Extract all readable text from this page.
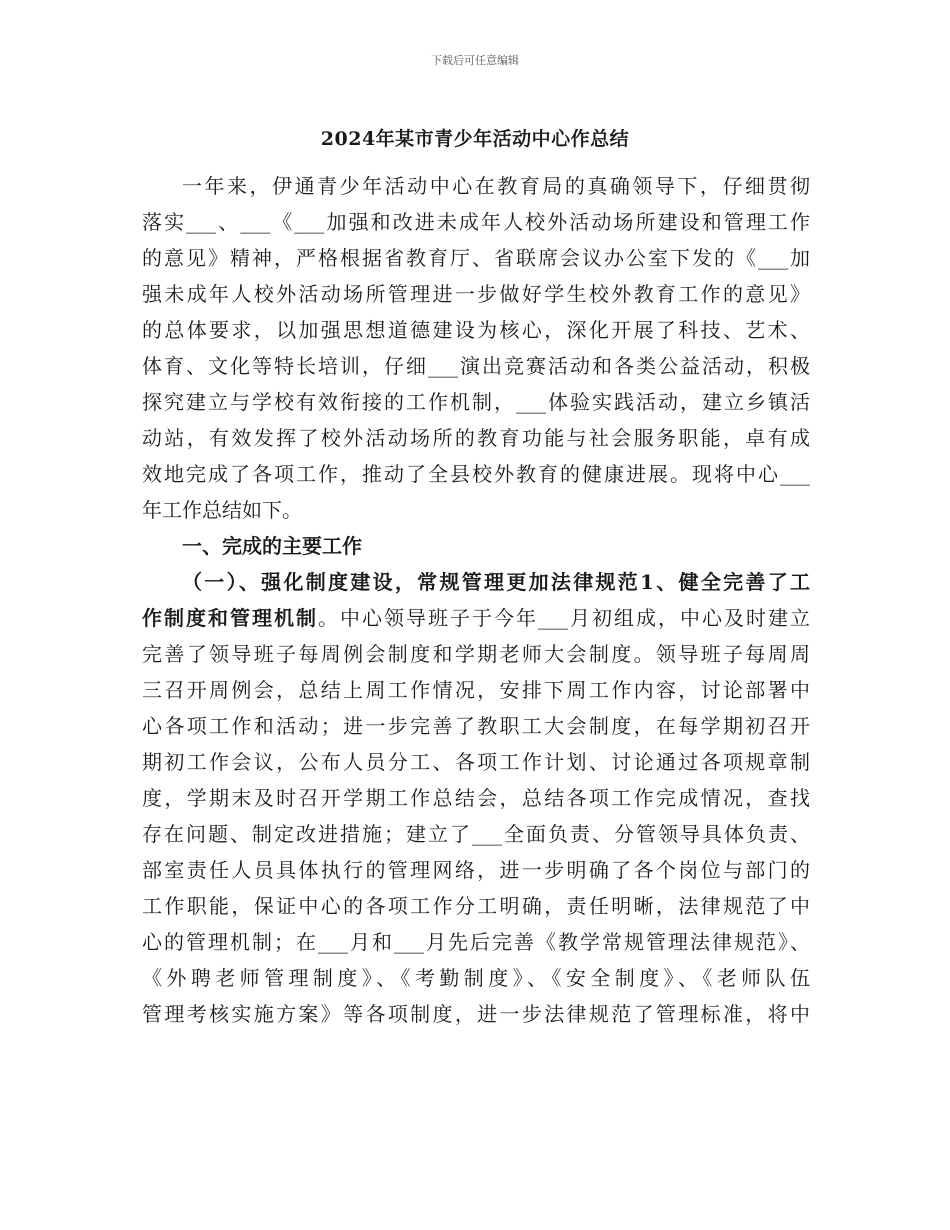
下载后可任意编辑
2024年某市青少年活动中心作总结
一年来，伊通青少年活动中心在教育局的真确领导下，仔细贯彻
落实___、___《___加强和改进未成年人校外活动场所建设和管理工作
的意见》精神，严格根据省教育厅、省联席会议办公室下发的《___加
强未成年人校外活动场所管理进一步做好学生校外教育工作的意见》
的总体要求，以加强思想道德建设为核心，深化开展了科技、艺术、
体育、文化等特长培训，仔细___演出竞赛活动和各类公益活动，积极
探究建立与学校有效衔接的工作机制，___体验实践活动，建立乡镇活
动站，有效发挥了校外活动场所的教育功能与社会服务职能，卓有成
效地完成了各项工作，推动了全县校外教育的健康进展。现将中心___
年工作总结如下。
一、完成的主要工作
（一）、强化制度建设，常规管理更加法律规范1、健全完善了工
作制度和管理机制。中心领导班子于今年___月初组成，中心及时建立
完善了领导班子每周例会制度和学期老师大会制度。领导班子每周周
三召开周例会，总结上周工作情况，安排下周工作内容，讨论部署中
心各项工作和活动；进一步完善了教职工大会制度，在每学期初召开
期初工作会议，公布人员分工、各项工作计划、讨论通过各项规章制
度，学期末及时召开学期工作总结会，总结各项工作完成情况，查找
存在问题、制定改进措施；建立了___全面负责、分管领导具体负责、
部室责任人员具体执行的管理网络，进一步明确了各个岗位与部门的
工作职能，保证中心的各项工作分工明确，责任明晰，法律规范了中
心的管理机制；在___月和___月先后完善《教学常规管理法律规范》、
《外聘老师管理制度》、《考勤制度》、《安全制度》、《老师队伍
管理考核实施方案》等各项制度，进一步法律规范了管理标准，将中
